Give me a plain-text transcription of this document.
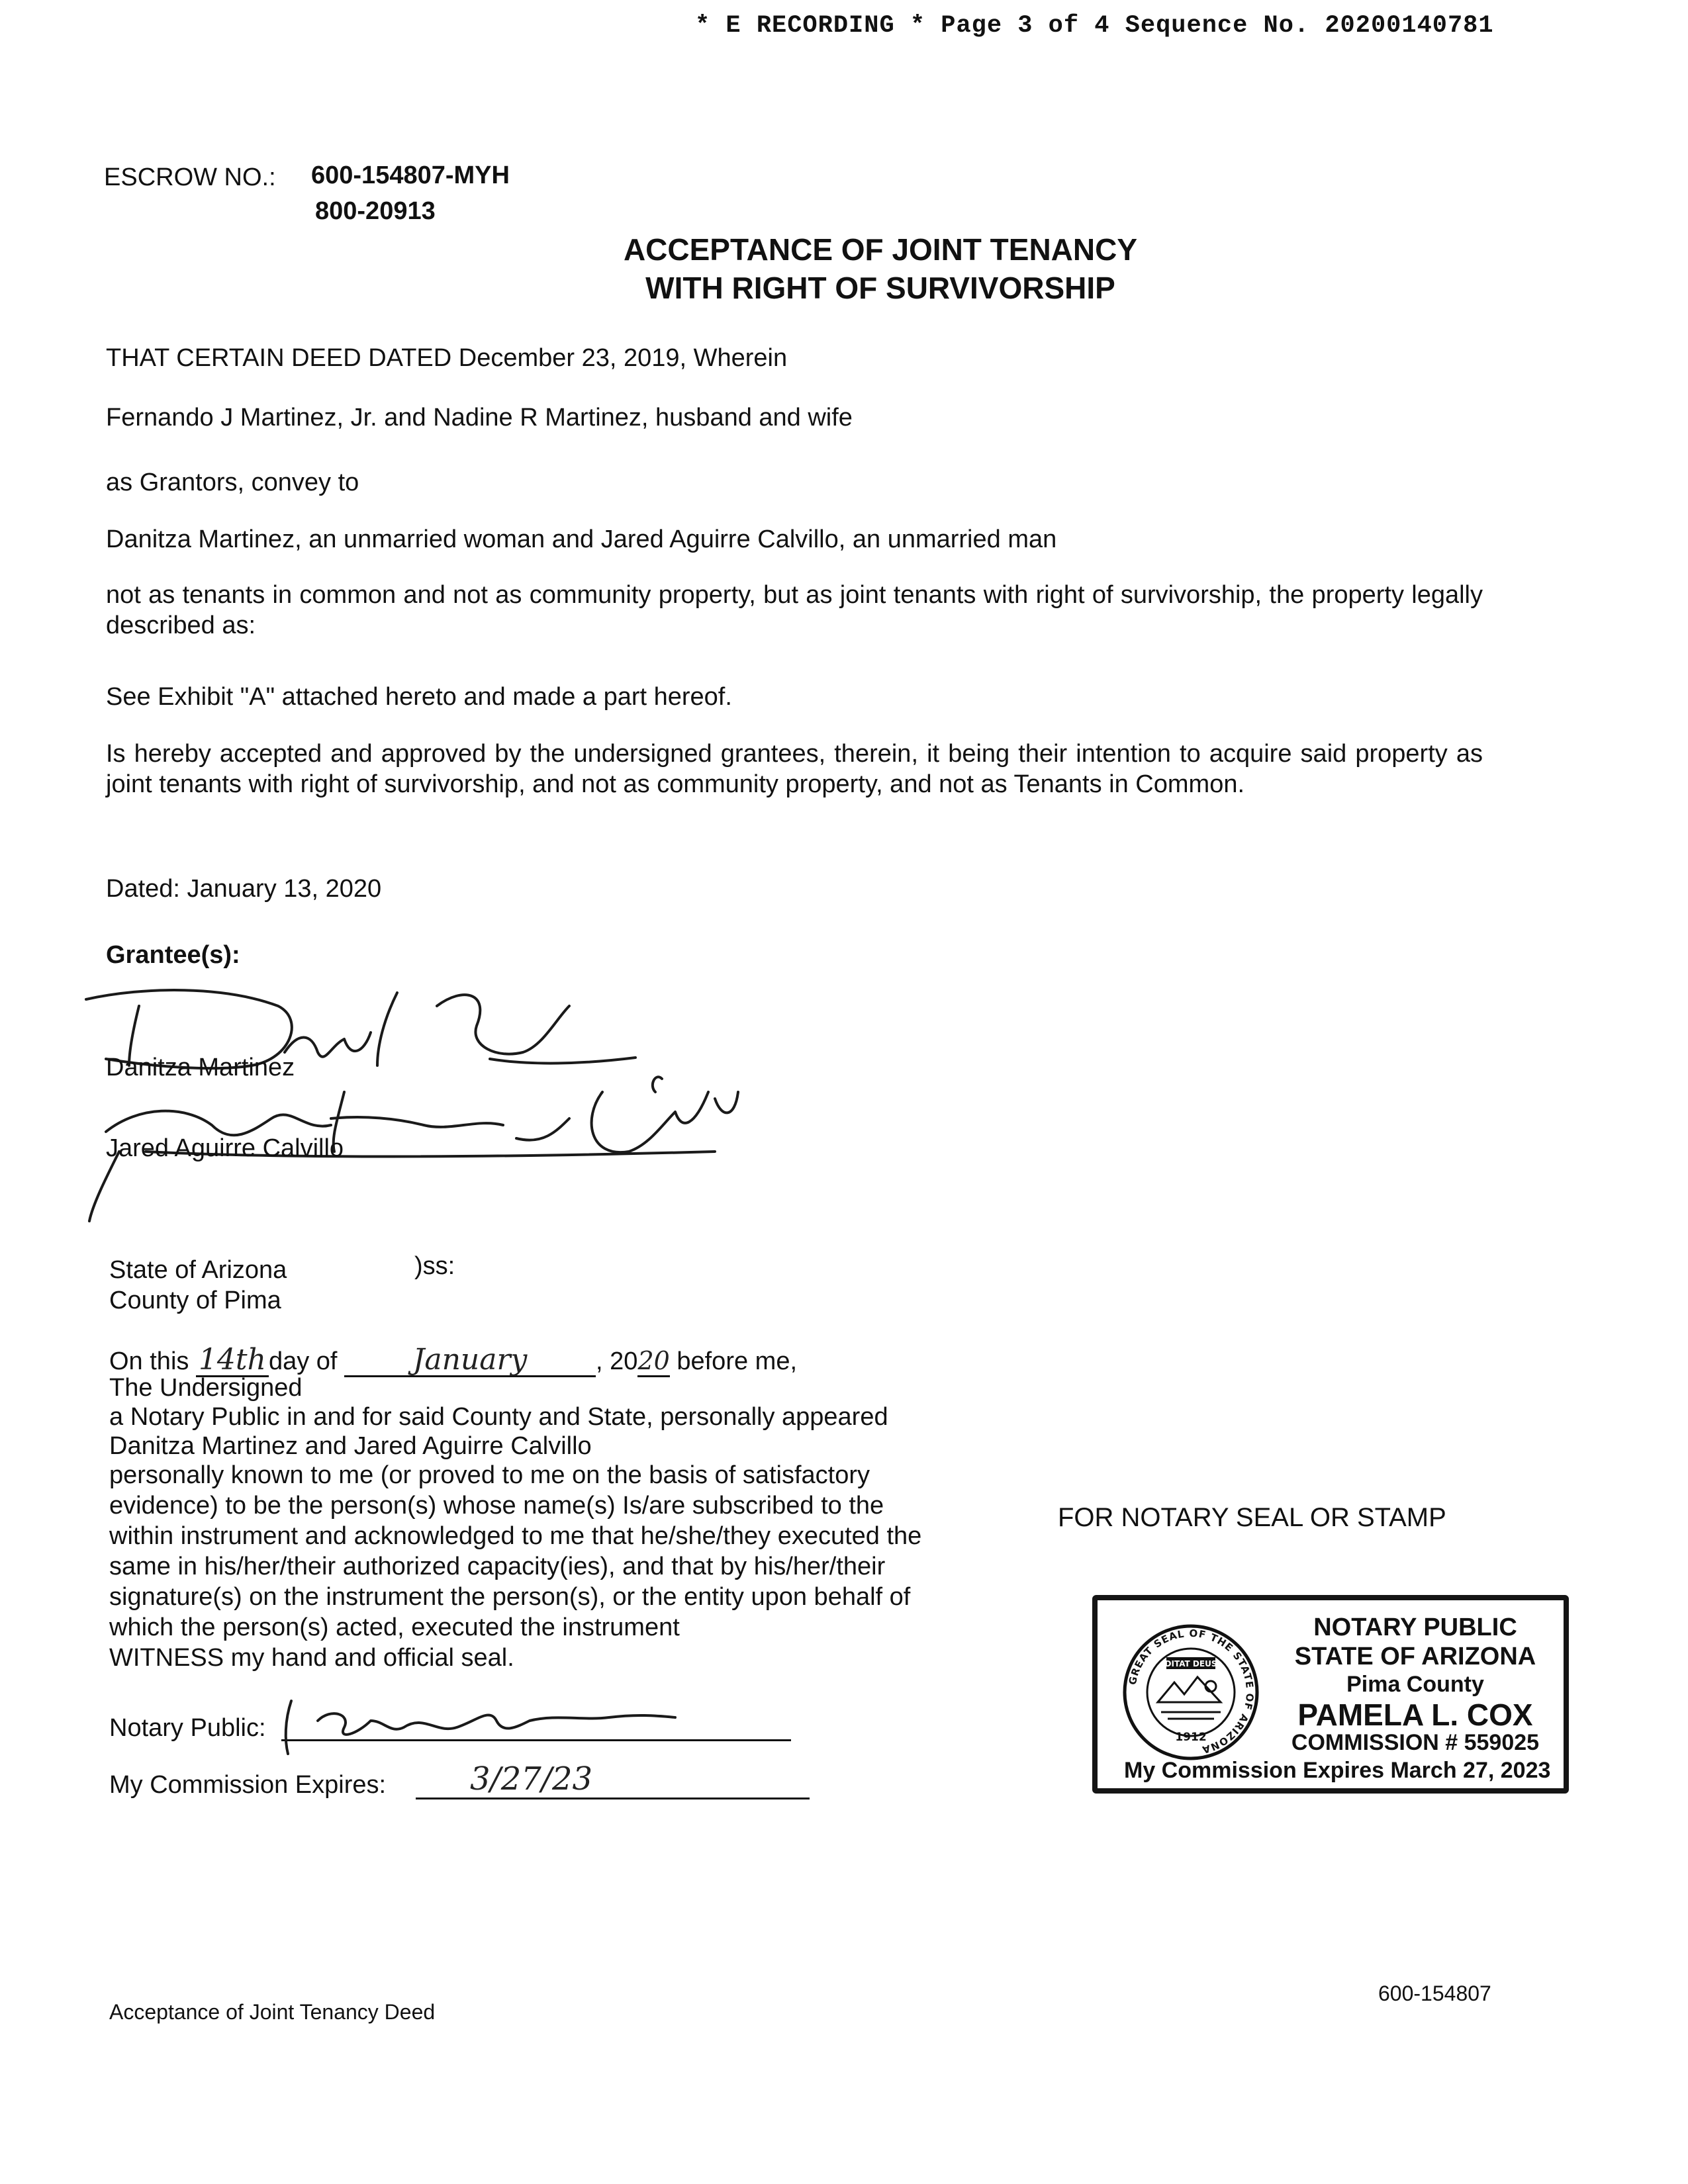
* E RECORDING * Page 3 of 4 Sequence No. 20200140781
ESCROW NO.: 600-154807-MYH
800-20913
ACCEPTANCE OF JOINT TENANCY
WITH RIGHT OF SURVIVORSHIP
THAT CERTAIN DEED DATED December 23, 2019, Wherein
Fernando J Martinez, Jr. and Nadine R Martinez, husband and wife
as Grantors, convey to
Danitza Martinez, an unmarried woman and Jared Aguirre Calvillo, an unmarried man
not as tenants in common and not as community property, but as joint tenants with right of survivorship, the property legally described as:
See Exhibit "A" attached hereto and made a part hereof.
Is hereby accepted and approved by the undersigned grantees, therein, it being their intention to acquire said property as joint tenants with right of survivorship, and not as community property, and not as Tenants in Common.
Dated: January 13, 2020
Grantee(s):
Danitza Martinez
Jared Aguirre Calvillo
State of Arizona	)ss:
County of Pima
On this 14th day of	January	, 2020 before me,
The Undersigned
a Notary Public in and for said County and State, personally appeared
Danitza Martinez and Jared Aguirre Calvillo
personally known to me (or proved to me on the basis of satisfactory
evidence) to be the person(s) whose name(s) Is/are subscribed to the
within instrument and acknowledged to me that he/she/they executed the
same in his/her/their authorized capacity(ies), and that by his/her/their
signature(s) on the instrument the person(s), or the entity upon behalf of
which the person(s) acted, executed the instrument
WITNESS my hand and official seal.
Notary Public:
My Commission Expires:	3/27/23
FOR NOTARY SEAL OR STAMP
GREAT SEAL OF THE STATE OF ARIZONA
DITAT DEUS
1912
NOTARY PUBLIC
STATE OF ARIZONA
Pima County
PAMELA L. COX
COMMISSION # 559025
My Commission Expires March 27, 2023
Acceptance of Joint Tenancy Deed
600-154807
